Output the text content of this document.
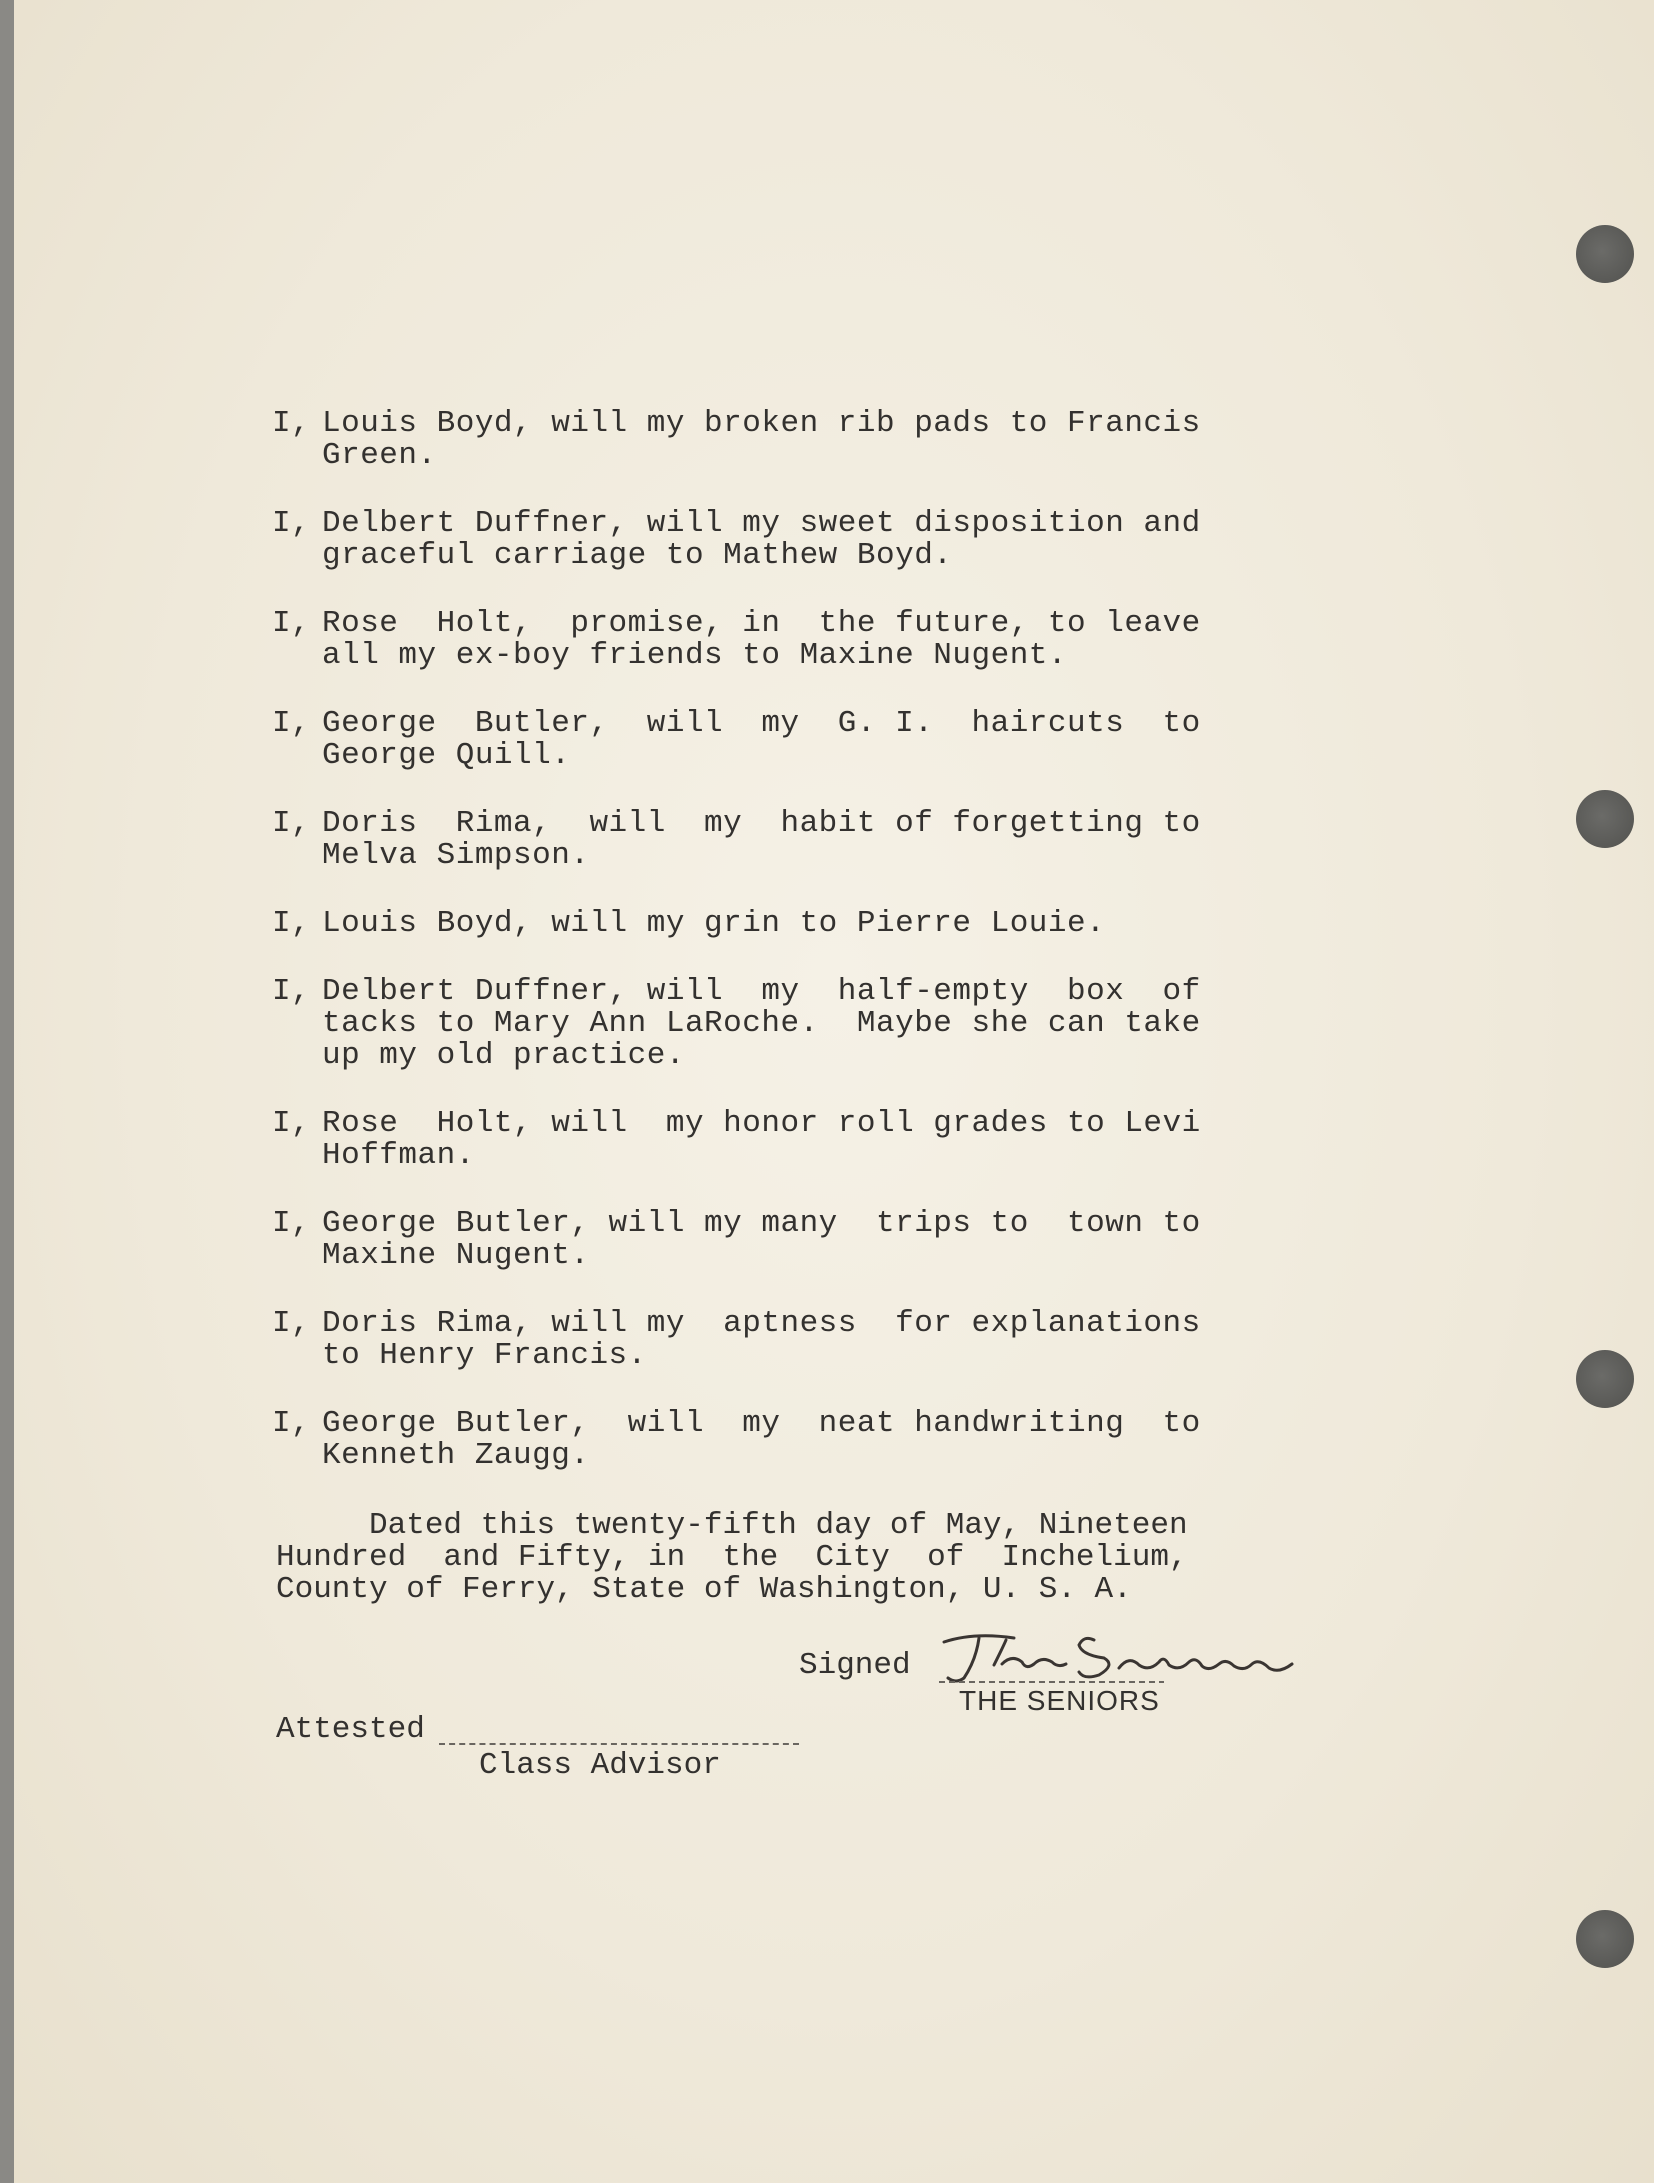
I, Louis Boyd, will my broken rib pads to Francis
Green.
I, Delbert Duffner, will my sweet disposition and
graceful carriage to Mathew Boyd.
I, Rose  Holt,  promise, in  the future, to leave
all my ex-boy friends to Maxine Nugent.
I, George  Butler,  will  my  G. I.  haircuts  to
George Quill.
I, Doris  Rima,  will  my  habit of forgetting to
Melva Simpson.
I, Louis Boyd, will my grin to Pierre Louie.
I, Delbert Duffner, will  my  half-empty  box  of
tacks to Mary Ann LaRoche.  Maybe she can take
up my old practice.
I, Rose  Holt, will  my honor roll grades to Levi
Hoffman.
I, George Butler, will my many  trips to  town to
Maxine Nugent.
I, Doris Rima, will my  aptness  for explanations
to Henry Francis.
I, George Butler,  will  my  neat handwriting  to
Kenneth Zaugg.
Dated this twenty-fifth day of May, Nineteen
Hundred  and Fifty, in  the  City  of  Inchelium,
County of Ferry, State of Washington, U. S. A.
Signed
THE SENIORS
Attested
Class Advisor
